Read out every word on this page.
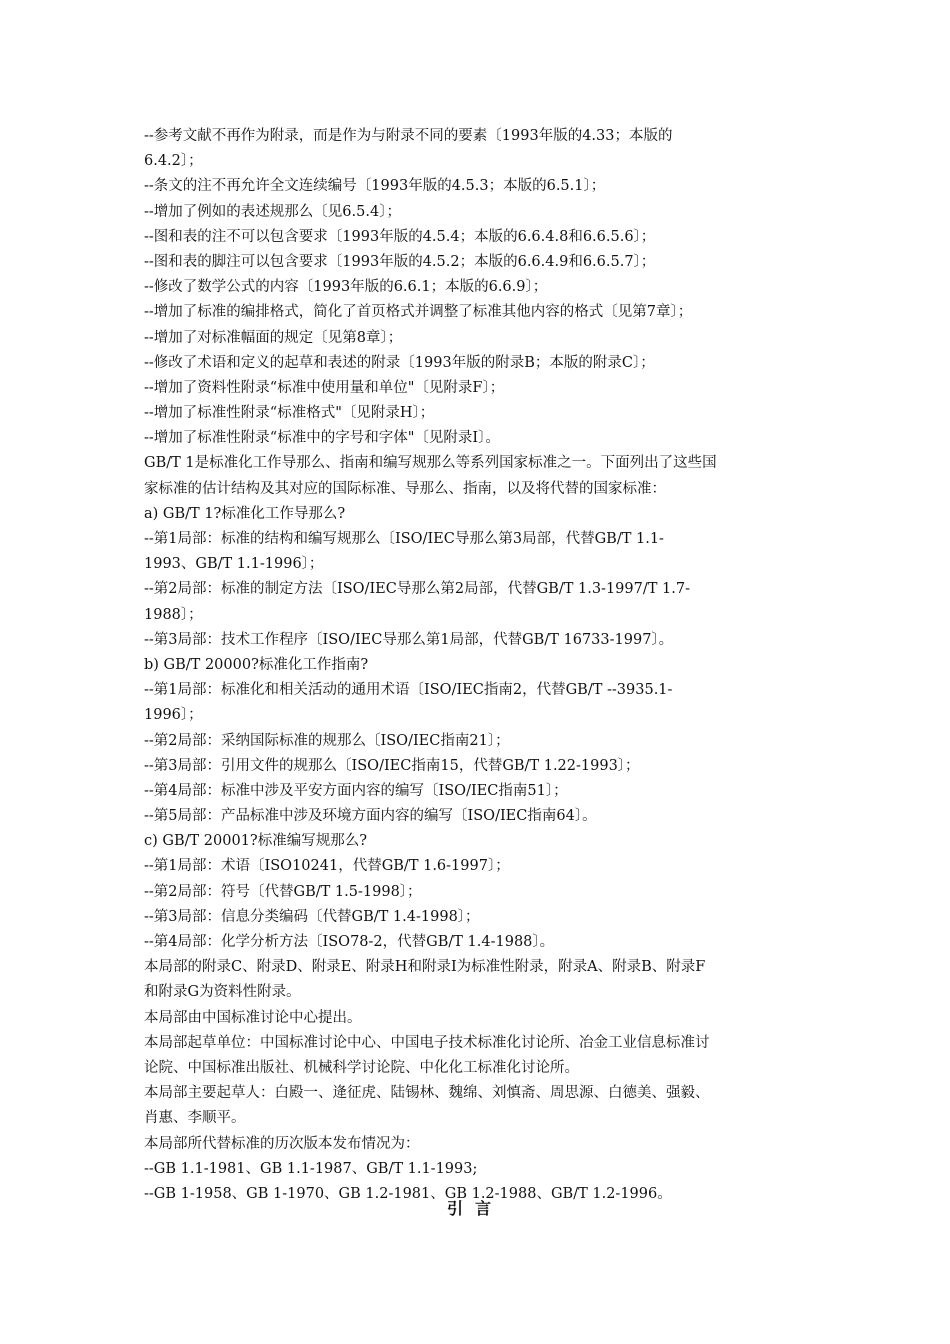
--参考文献不再作为附录，而是作为与附录不同的要素〔1993年版的4.33；本版的
6.4.2〕；
--条文的注不再允许全文连续编号〔1993年版的4.5.3；本版的6.5.1〕；
--增加了例如的表述规那么〔见6.5.4〕；
--图和表的注不可以包含要求〔1993年版的4.5.4；本版的6.6.4.8和6.6.5.6〕；
--图和表的脚注可以包含要求〔1993年版的4.5.2；本版的6.6.4.9和6.6.5.7〕；
--修改了数学公式的内容〔1993年版的6.6.1；本版的6.6.9〕；
--增加了标准的编排格式，简化了首页格式并调整了标准其他内容的格式〔见第7章〕；
--增加了对标准幅面的规定〔见第8章〕；
--修改了术语和定义的起草和表述的附录〔1993年版的附录B；本版的附录C〕；
--增加了资料性附录“标准中使用量和单位"〔见附录F〕；
--增加了标准性附录“标准格式"〔见附录H〕；
--增加了标准性附录“标准中的字号和字体"〔见附录I〕。
GB/T 1是标准化工作导那么、指南和编写规那么等系列国家标准之一。下面列出了这些国
家标准的估计结构及其对应的国际标准、导那么、指南，以及将代替的国家标准：
a) GB/T 1?标准化工作导那么?
--第1局部：标准的结构和编写规那么〔ISO/IEC导那么第3局部，代替GB/T 1.1-
1993、GB/T 1.1-1996〕；
--第2局部：标准的制定方法〔ISO/IEC导那么第2局部，代替GB/T 1.3-1997/T 1.7-
1988〕；
--第3局部：技术工作程序〔ISO/IEC导那么第1局部，代替GB/T 16733-1997〕。
b) GB/T 20000?标准化工作指南?
--第1局部：标准化和相关活动的通用术语〔ISO/IEC指南2，代替GB/T --3935.1-
1996〕；
--第2局部：采纳国际标准的规那么〔ISO/IEC指南21〕；
--第3局部：引用文件的规那么〔ISO/IEC指南15，代替GB/T 1.22-1993〕；
--第4局部：标准中涉及平安方面内容的编写〔ISO/IEC指南51〕；
--第5局部：产品标准中涉及环境方面内容的编写〔ISO/IEC指南64〕。
c) GB/T 20001?标准编写规那么?
--第1局部：术语〔ISO10241，代替GB/T 1.6-1997〕；
--第2局部：符号〔代替GB/T 1.5-1998〕；
--第3局部：信息分类编码〔代替GB/T 1.4-1998〕；
--第4局部：化学分析方法〔ISO78-2，代替GB/T 1.4-1988〕。
本局部的附录C、附录D、附录E、附录H和附录I为标准性附录，附录A、附录B、附录F
和附录G为资料性附录。
本局部由中国标准讨论中心提出。
本局部起草单位：中国标准讨论中心、中国电子技术标准化讨论所、冶金工业信息标准讨
论院、中国标准出版社、机械科学讨论院、中化化工标准化讨论所。
本局部主要起草人：白殿一、逄征虎、陆锡林、魏绵、刘慎斋、周思源、白德美、强毅、
肖惠、李顺平。
本局部所代替标准的历次版本发布情况为：
--GB 1.1-1981、GB 1.1-1987、GB/T 1.1-1993;
--GB 1-1958、GB 1-1970、GB 1.2-1981、GB 1.2-1988、GB/T 1.2-1996。
引言
